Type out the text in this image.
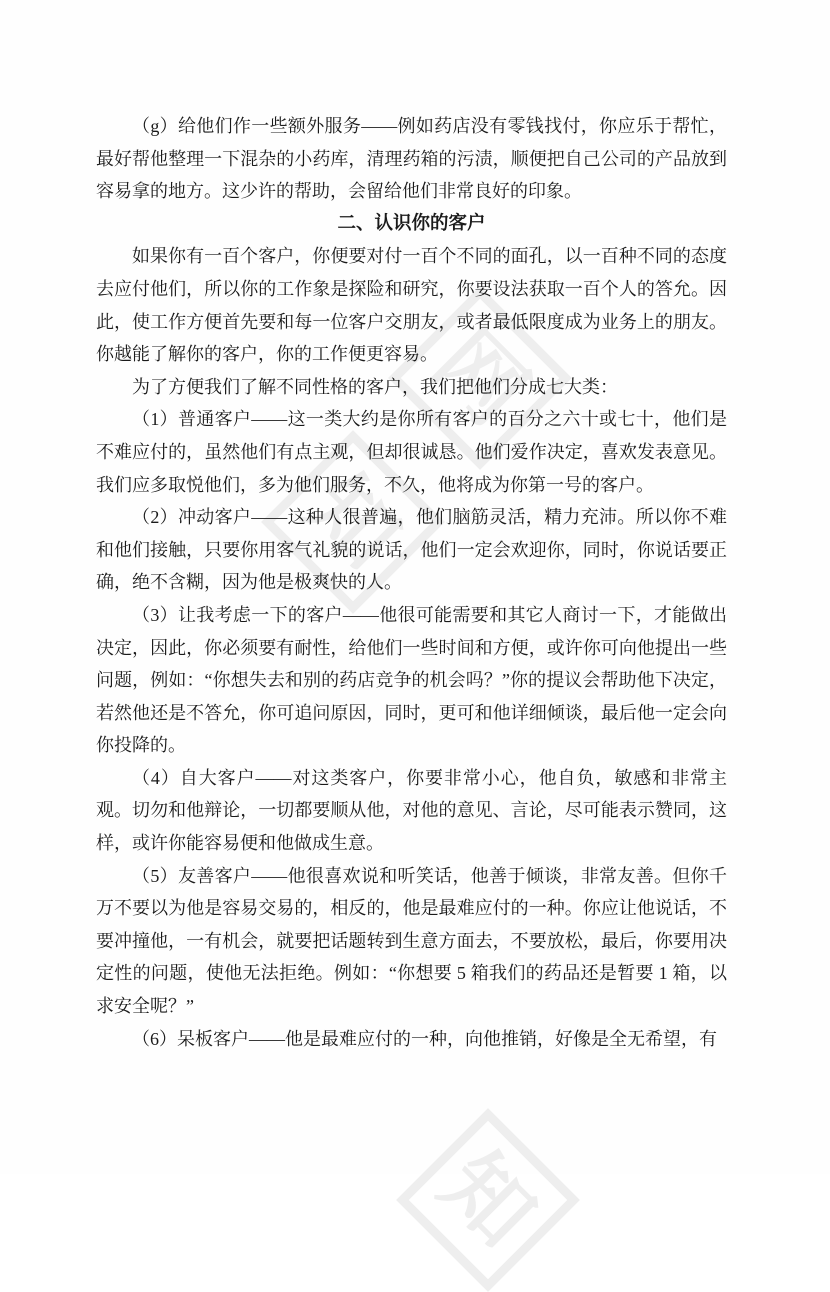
知
网
知

（g）给他们作一些额外服务——例如药店没有零钱找付，你应乐于帮忙，最好帮他整理一下混杂的小药库，清理药箱的污渍，顺便把自己公司的产品放到容易拿的地方。这少许的帮助，会留给他们非常良好的印象。

二、认识你的客户

如果你有一百个客户，你便要对付一百个不同的面孔，以一百种不同的态度去应付他们，所以你的工作象是探险和研究，你要设法获取一百个人的答允。因此，使工作方便首先要和每一位客户交朋友，或者最低限度成为业务上的朋友。你越能了解你的客户，你的工作便更容易。

为了方便我们了解不同性格的客户，我们把他们分成七大类：

（1）普通客户——这一类大约是你所有客户的百分之六十或七十，他们是不难应付的，虽然他们有点主观，但却很诚恳。他们爱作决定，喜欢发表意见。我们应多取悦他们，多为他们服务，不久，他将成为你第一号的客户。

（2）冲动客户——这种人很普遍，他们脑筋灵活，精力充沛。所以你不难和他们接触，只要你用客气礼貌的说话，他们一定会欢迎你，同时，你说话要正确，绝不含糊，因为他是极爽快的人。

（3）让我考虑一下的客户——他很可能需要和其它人商讨一下，才能做出决定，因此，你必须要有耐性，给他们一些时间和方便，或许你可向他提出一些问题，例如：“你想失去和别的药店竞争的机会吗？”你的提议会帮助他下决定，若然他还是不答允，你可追问原因，同时，更可和他详细倾谈，最后他一定会向你投降的。

（4）自大客户——对这类客户，你要非常小心，他自负，敏感和非常主观。切勿和他辩论，一切都要顺从他，对他的意见、言论，尽可能表示赞同，这样，或许你能容易便和他做成生意。

（5）友善客户——他很喜欢说和听笑话，他善于倾谈，非常友善。但你千万不要以为他是容易交易的，相反的，他是最难应付的一种。你应让他说话，不要冲撞他，一有机会，就要把话题转到生意方面去，不要放松，最后，你要用决定性的问题，使他无法拒绝。例如：“你想要 5 箱我们的药品还是暂要 1 箱，以求安全呢？”

（6）呆板客户——他是最难应付的一种，向他推销，好像是全无希望，有
